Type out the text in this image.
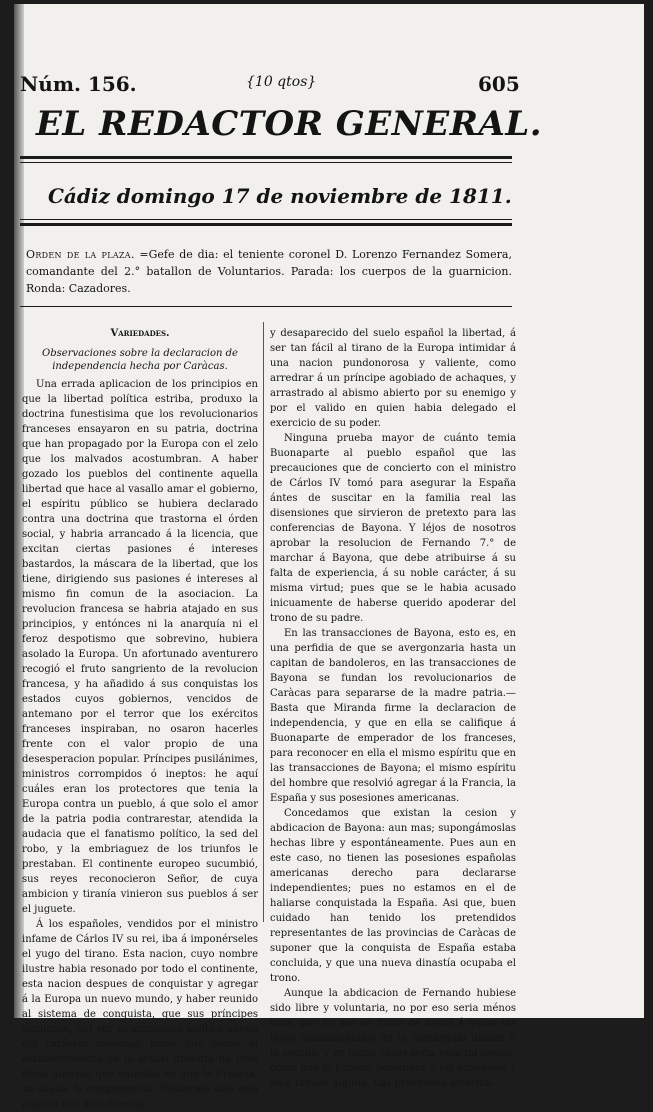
Núm. 156.	{10 qtos}	605
EL REDACTOR GENERAL.
Cádiz domingo 17 de noviembre de 1811.
Orden de la plaza. =Gefe de dia: el teniente coronel D. Lorenzo Fernandez Somera, comandante del 2.° batallon de Voluntarios. Parada: los cuerpos de la guarnicion. Ronda: Cazadores.
Variedades.
Observaciones sobre la declaracion de independencia hecha por Caràcas.

Una errada aplicacion de los principios en que la libertad política estriba, produxo la doctrina funestisima que los revolucionarios franceses ensayaron en su patria, doctrina que han propagado por la Europa con el zelo que los malvados acostumbran. A haber gozado los pueblos del continente aquella libertad que hace al vasallo amar el gobierno, el espíritu público se hubiera declarado contra una doctrina que trastorna el órden social, y habria arrancado á la licencia, que excitan ciertas pasiones é intereses bastardos, la máscara de la libertad, que los tiene, dirigiendo sus pasiones é intereses al mismo fin comun de la asociacion. La revolucion francesa se habria atajado en sus principios, y entónces ni la anarquía ni el feroz despotismo que sobrevino, hubiera asolado la Europa. Un afortunado aventurero recogió el fruto sangriento de la revolucion francesa, y ha añadido á sus conquistas los estados cuyos gobiernos, vencidos de antemano por el terror que los exércitos franceses inspiraban, no osaron hacerles frente con el valor propio de una desesperacion popular. Príncipes pusilánimes, ministros corrompidos ó ineptos: he aquí cuáles eran los protectores que tenia la Europa contra un pueblo, á que solo el amor de la patria podia contrarestar, atendida la audacia que el fanatismo político, la sed del robo, y la embriaguez de los triunfos le prestaban. El continente europeo sucumbió, sus reyes reconocieron Señor, de cuya ambicion y tiranía vinieron sus pueblos á ser el juguete.

Á los españoles, vendidos por el ministro infame de Cárlos IV su rei, iba á imponérseles el yugo del tirano. Esta nacion, cuyo nombre ilustre habia resonado por todo el continente, esta nacion despues de conquistar y agregar á la Europa un nuevo mundo, y haber reunido al sistema de conquista, que sus príncipes siguieron, por ser su ambiciosa política agena del carácter nacional; tanto que desde el establecimiento de la actual dinastía no tuvo otras guerras que aquellas en que la Francia, su aliada, la comprometió. Hubierale sido esta alianza aun mas funesta,

y desaparecido del suelo español la libertad, á ser tan fácil al tirano de la Europa intimidar á una nacion pundonorosa y valiente, como arredrar á un príncipe agobiado de achaques, y arrastrado al abismo abierto por su enemigo y por el valido en quien habia delegado el exercicio de su poder.

Ninguna prueba mayor de cuánto temia Buonaparte al pueblo español que las precauciones que de concierto con el ministro de Cárlos IV tomó para asegurar la España ántes de suscitar en la familia real las disensiones que sirvieron de pretexto para las conferencias de Bayona. Y léjos de nosotros aprobar la resolucion de Fernando 7.° de marchar á Bayona, que debe atribuirse á su falta de experiencia, á su noble carácter, á su misma virtud; pues que se le habia acusado inicuamente de haberse querido apoderar del trono de su padre.

En las transacciones de Bayona, esto es, en una perfidia de que se avergonzaria hasta un capitan de bandoleros, en las transacciones de Bayona se fundan los revolucionarios de Caràcas para separarse de la madre patria.—Basta que Miranda firme la declaracion de independencia, y que en ella se califique á Buonaparte de emperador de los franceses, para reconocer en ella el mismo espíritu que en las transacciones de Bayona; el mismo espíritu del hombre que resolvió agregar á la Francia, la España y sus posesiones americanas.

Concedamos que existan la cesion y abdicacion de Bayona: aun mas; supongámoslas hechas libre y espontáneamente. Pues aun en este caso, no tienen las posesiones españolas americanas derecho para declararse independientes; pues no estamos en el de haliarse conquistada la España. Asi que, buen cuidado han tenido los pretendidos representantes de las provincias de Caràcas de suponer que la conquista de España estaba concluida, y que una nueva dinastía ocupaba el trono.

Aunque la abdicacion de Fernando hubiese sido libre y voluntaria, no por eso seria ménos nula, por no ser en favor de aquel á quien las leyes fundamentales de la monarquía llaman á la corona: y en todos casos seria nula tal cesion, como que la España pertenece á los españoles y no á familia alguna. Las provincias america-
